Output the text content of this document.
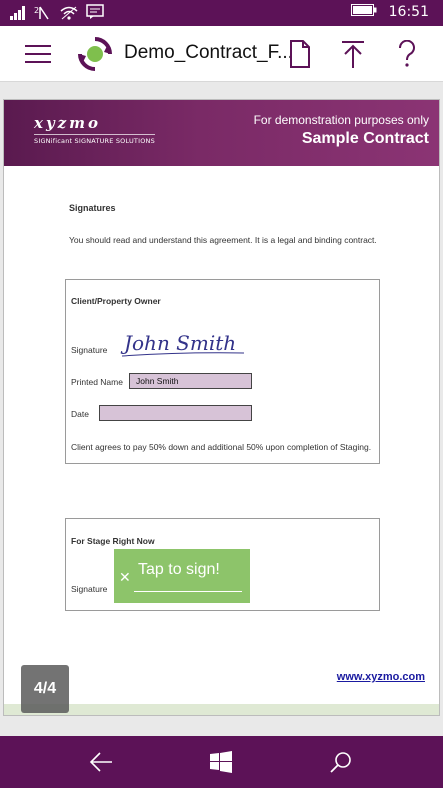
2	16:51
Demo_Contract_F...
xyzmo
SIGNificant SIGNATURE SOLUTIONS
For demonstration purposes only
Sample Contract
Signatures
You should read and understand this agreement. It is a legal and binding contract.
Client/Property Owner
Signature John Smith
Printed Name	John Smith
Date
Client agrees to pay 50% down and additional 50% upon completion of Staging.
For Stage Right Now
Signature
✕ Tap to sign!
www.xyzmo.com
4/4
